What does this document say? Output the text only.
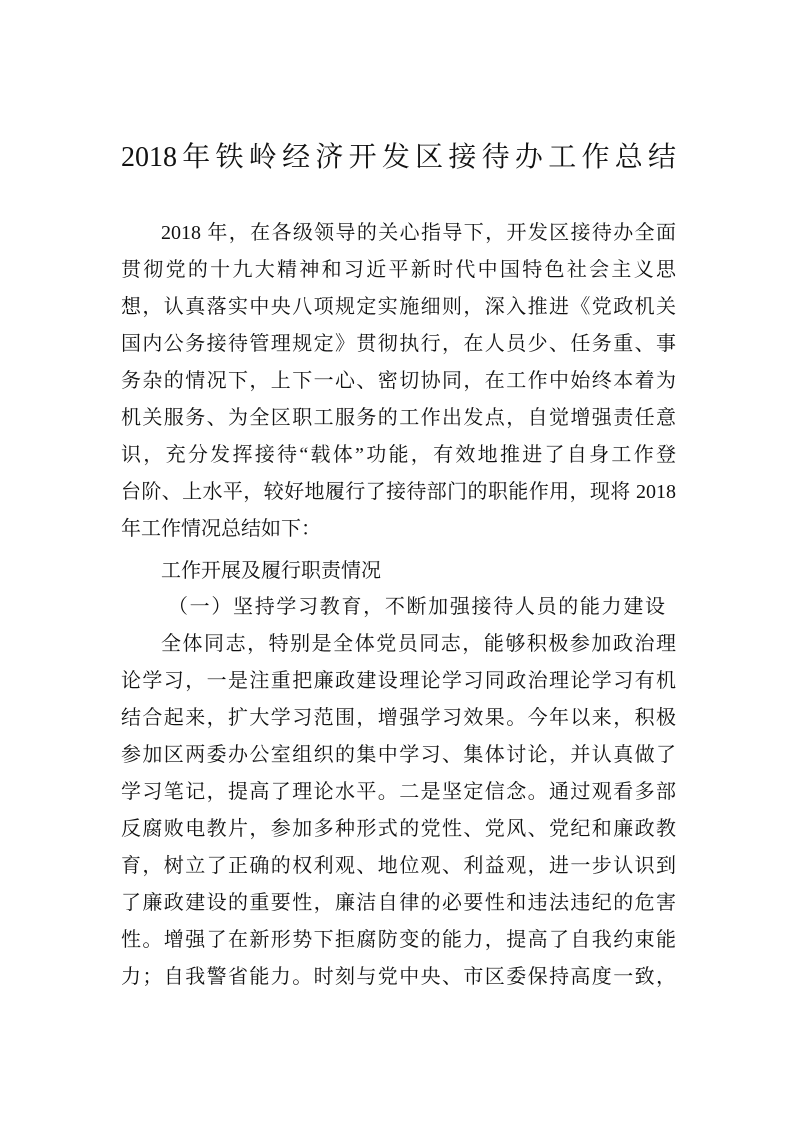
2018年铁岭经济开发区接待办工作总结
2018 年，在各级领导的关心指导下，开发区接待办全面
贯彻党的十九大精神和习近平新时代中国特色社会主义思
想，认真落实中央八项规定实施细则，深入推进《党政机关
国内公务接待管理规定》贯彻执行，在人员少、任务重、事
务杂的情况下，上下一心、密切协同，在工作中始终本着为
机关服务、为全区职工服务的工作出发点，自觉增强责任意
识，充分发挥接待“载体”功能，有效地推进了自身工作登
台阶、上水平，较好地履行了接待部门的职能作用，现将 2018
年工作情况总结如下：
工作开展及履行职责情况
（一）坚持学习教育，不断加强接待人员的能力建设
全体同志，特别是全体党员同志，能够积极参加政治理
论学习，一是注重把廉政建设理论学习同政治理论学习有机
结合起来，扩大学习范围，增强学习效果。今年以来，积极
参加区两委办公室组织的集中学习、集体讨论，并认真做了
学习笔记，提高了理论水平。二是坚定信念。通过观看多部
反腐败电教片，参加多种形式的党性、党风、党纪和廉政教
育，树立了正确的权利观、地位观、利益观，进一步认识到
了廉政建设的重要性，廉洁自律的必要性和违法违纪的危害
性。增强了在新形势下拒腐防变的能力，提高了自我约束能
力；自我警省能力。时刻与党中央、市区委保持高度一致，
